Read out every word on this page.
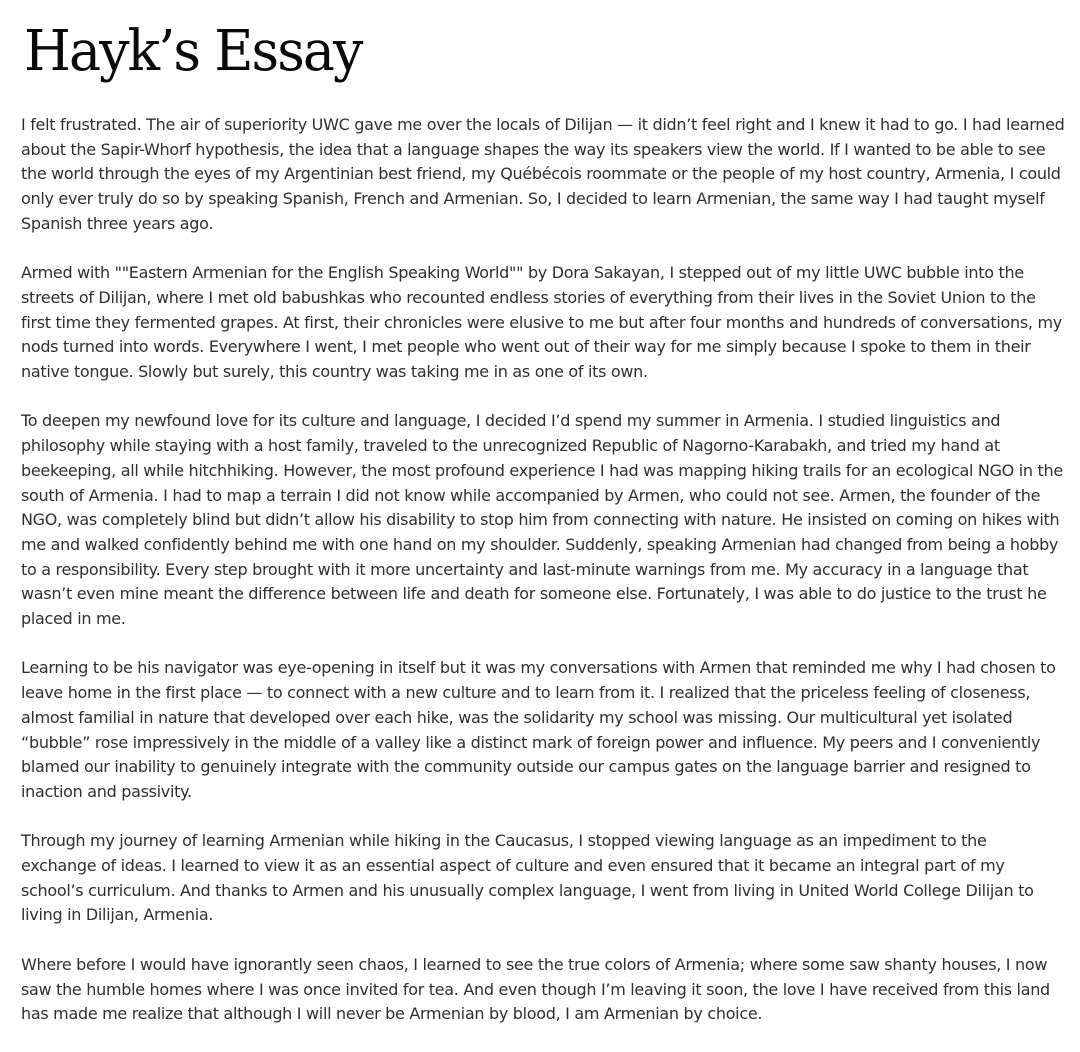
Hayk’s Essay

I felt frustrated. The air of superiority UWC gave me over the locals of Dilijan — it didn’t feel right and I knew it had to go. I had learned about the Sapir-Whorf hypothesis, the idea that a language shapes the way its speakers view the world. If I wanted to be able to see the world through the eyes of my Argentinian best friend, my Québécois roommate or the people of my host country, Armenia, I could only ever truly do so by speaking Spanish, French and Armenian. So, I decided to learn Armenian, the same way I had taught myself Spanish three years ago.

Armed with ""Eastern Armenian for the English Speaking World"" by Dora Sakayan, I stepped out of my little UWC bubble into the streets of Dilijan, where I met old babushkas who recounted endless stories of everything from their lives in the Soviet Union to the first time they fermented grapes. At first, their chronicles were elusive to me but after four months and hundreds of conversations, my nods turned into words. Everywhere I went, I met people who went out of their way for me simply because I spoke to them in their native tongue. Slowly but surely, this country was taking me in as one of its own.

To deepen my newfound love for its culture and language, I decided I’d spend my summer in Armenia. I studied linguistics and philosophy while staying with a host family, traveled to the unrecognized Republic of Nagorno-Karabakh, and tried my hand at beekeeping, all while hitchhiking. However, the most profound experience I had was mapping hiking trails for an ecological NGO in the south of Armenia. I had to map a terrain I did not know while accompanied by Armen, who could not see. Armen, the founder of the NGO, was completely blind but didn’t allow his disability to stop him from connecting with nature. He insisted on coming on hikes with me and walked confidently behind me with one hand on my shoulder. Suddenly, speaking Armenian had changed from being a hobby to a responsibility. Every step brought with it more uncertainty and last-minute warnings from me. My accuracy in a language that wasn’t even mine meant the difference between life and death for someone else. Fortunately, I was able to do justice to the trust he placed in me.

Learning to be his navigator was eye-opening in itself but it was my conversations with Armen that reminded me why I had chosen to leave home in the first place — to connect with a new culture and to learn from it. I realized that the priceless feeling of closeness, almost familial in nature that developed over each hike, was the solidarity my school was missing. Our multicultural yet isolated “bubble” rose impressively in the middle of a valley like a distinct mark of foreign power and influence. My peers and I conveniently blamed our inability to genuinely integrate with the community outside our campus gates on the language barrier and resigned to inaction and passivity.

Through my journey of learning Armenian while hiking in the Caucasus, I stopped viewing language as an impediment to the exchange of ideas. I learned to view it as an essential aspect of culture and even ensured that it became an integral part of my school’s curriculum. And thanks to Armen and his unusually complex language, I went from living in United World College Dilijan to living in Dilijan, Armenia.

Where before I would have ignorantly seen chaos, I learned to see the true colors of Armenia; where some saw shanty houses, I now saw the humble homes where I was once invited for tea. And even though I’m leaving it soon, the love I have received from this land has made me realize that although I will never be Armenian by blood, I am Armenian by choice.
